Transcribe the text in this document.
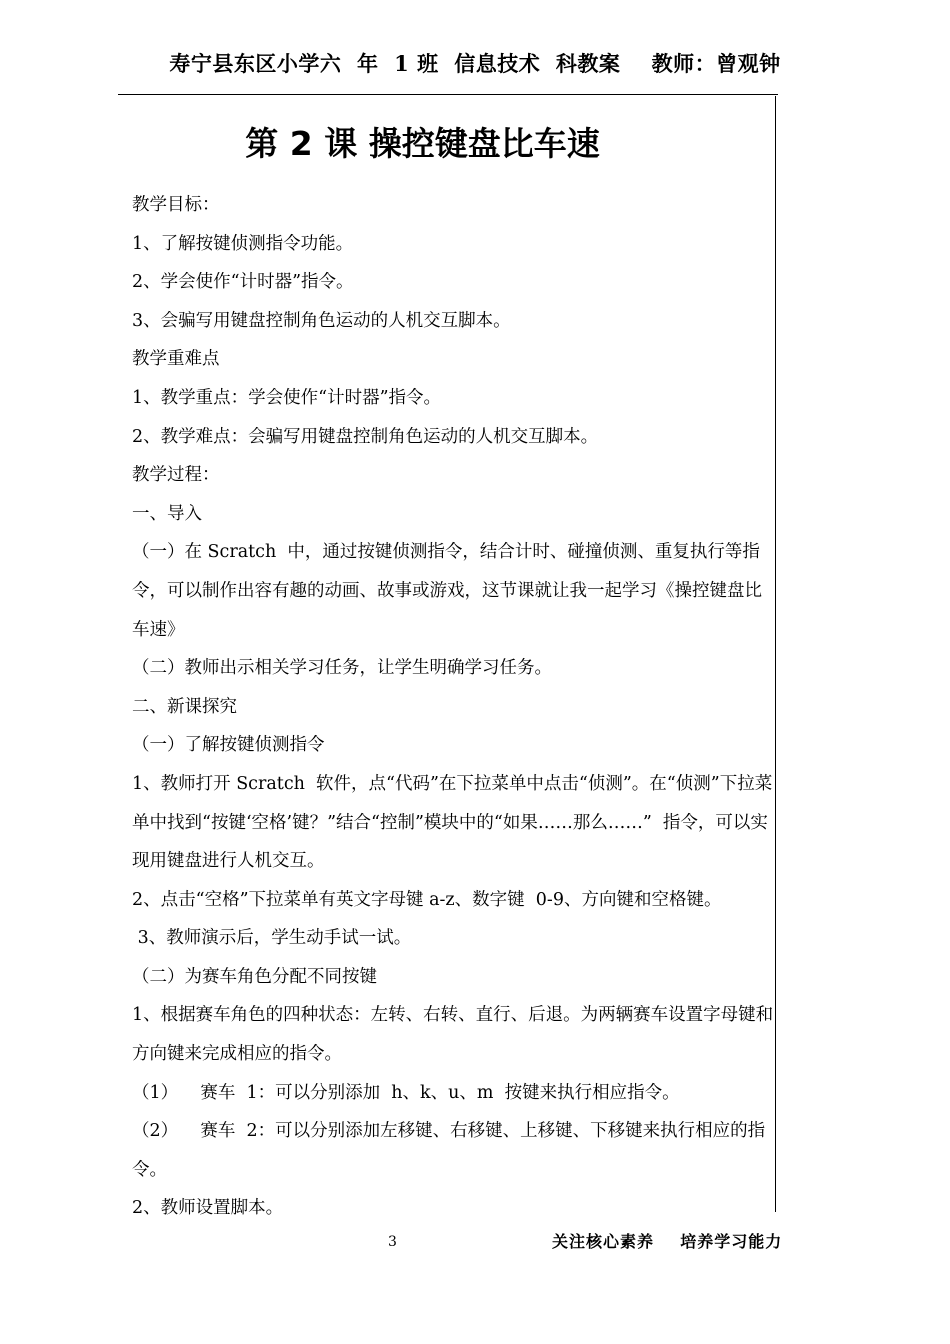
寿宁县东区小学六  年  1 班  信息技术  科教案    教师：曾观钟
第 2 课 操控键盘比车速

教学目标：

1、了解按键侦测指令功能。

2、学会使作“计时器”指令。

3、会骗写用键盘控制角色运动的人机交互脚本。

教学重难点

1、教学重点：学会使作“计时器”指令。

2、教学难点：会骗写用键盘控制角色运动的人机交互脚本。

教学过程：

一、导入

（一）在 Scratch  中，通过按键侦测指令，结合计时、碰撞侦测、重复执行等指令，可以制作出容有趣的动画、故事或游戏，这节课就让我一起学习《操控键盘比车速》

（二）教师出示相关学习任务，让学生明确学习任务。

二、新课探究

（一）了解按键侦测指令

1、教师打开 Scratch  软件，点“代码”在下拉菜单中点击“侦测”。在“侦测”下拉菜单中找到“按键‘空格’键？”结合“控制”模块中的“如果……那么……”  指令，可以实现用键盘进行人机交互。

2、点击“空格”下拉菜单有英文字母键 a-z、数字键  0-9、方向键和空格键。

3、教师演示后，学生动手试一试。

（二）为赛车角色分配不同按键

1、根据赛车角色的四种状态：左转、右转、直行、后退。为两辆赛车设置字母键和方向键来完成相应的指令。

（1）    赛车  1：可以分别添加  h、k、u、m  按键来执行相应指令。

（2）    赛车  2：可以分别添加左移键、右移键、上移键、下移键来执行相应的指令。

2、教师设置脚本。

3	关注核心素养    培养学习能力
